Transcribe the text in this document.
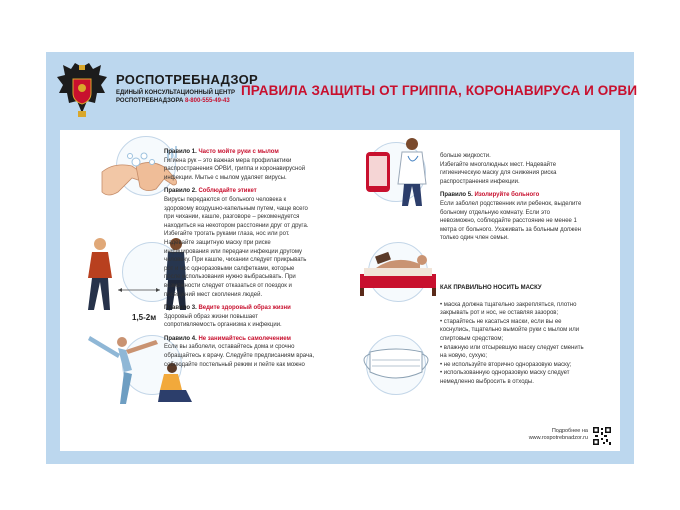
РОСПОТРЕБНАДЗОР
ЕДИНЫЙ КОНСУЛЬТАЦИОННЫЙ ЦЕНТР
РОСПОТРЕБНАДЗОРА 8-800-555-49-43
ПРАВИЛА ЗАЩИТЫ ОТ ГРИППА, КОРОНАВИРУСА И ОРВИ
1,5-2м

Правило 1. Часто мойте руки с мылом

Гигиена рук – это важная мера профилактики

распространения ОРВИ, гриппа и коронавирусной

инфекции. Мытье с мылом удаляет вирусы.

Правило 2. Соблюдайте этикет

Вирусы передаются от больного человека к

здоровому воздушно-капельным путем, чаще всего

при чихании, кашле, разговоре – рекомендуется

находиться на некотором расстоянии друг от друга.

Избегайте трогать руками глаза, нос или рот.

Надевайте защитную маску при риске

инфицирования или передачи инфекции другому

человеку. При кашле, чихании следует прикрывать

рот и нос одноразовыми салфетками, которые

после использования нужно выбрасывать. При

возможности следует отказаться от поездок и

посещений мест скопления людей.

Правило 3. Ведите здоровый образ жизни

Здоровый образ жизни повышает

сопротивляемость организма к инфекции.

Правило 4. Не занимайтесь самолечением

Если вы заболели, оставайтесь дома и срочно

обращайтесь к врачу. Следуйте предписаниям врача,

соблюдайте постельный режим и пейте как можно

больше жидкости.

Избегайте многолюдных мест. Надевайте

гигиеническую маску для снижения риска

распространения инфекции.

Правило 5. Изолируйте больного

Если заболел родственник или ребенок, выделите

больному отдельную комнату. Если это

невозможно, соблюдайте расстояние не менее 1

метра от больного. Ухаживать за больным должен

только один член семьи.

КАК ПРАВИЛЬНО НОСИТЬ МАСКУ

• маска должна тщательно закрепляться, плотно

закрывать рот и нос, не оставляя зазоров;

• старайтесь не касаться маски, если вы ее

коснулись, тщательно вымойте руки с мылом или

спиртовым средством;

• влажную или отсыревшую маску следует сменить

на новую, сухую;

• не используйте вторично одноразовую маску;

• использованную одноразовую маску следует

немедленно выбросить в отходы.

Подробнее на
www.rospotrebnadzor.ru
